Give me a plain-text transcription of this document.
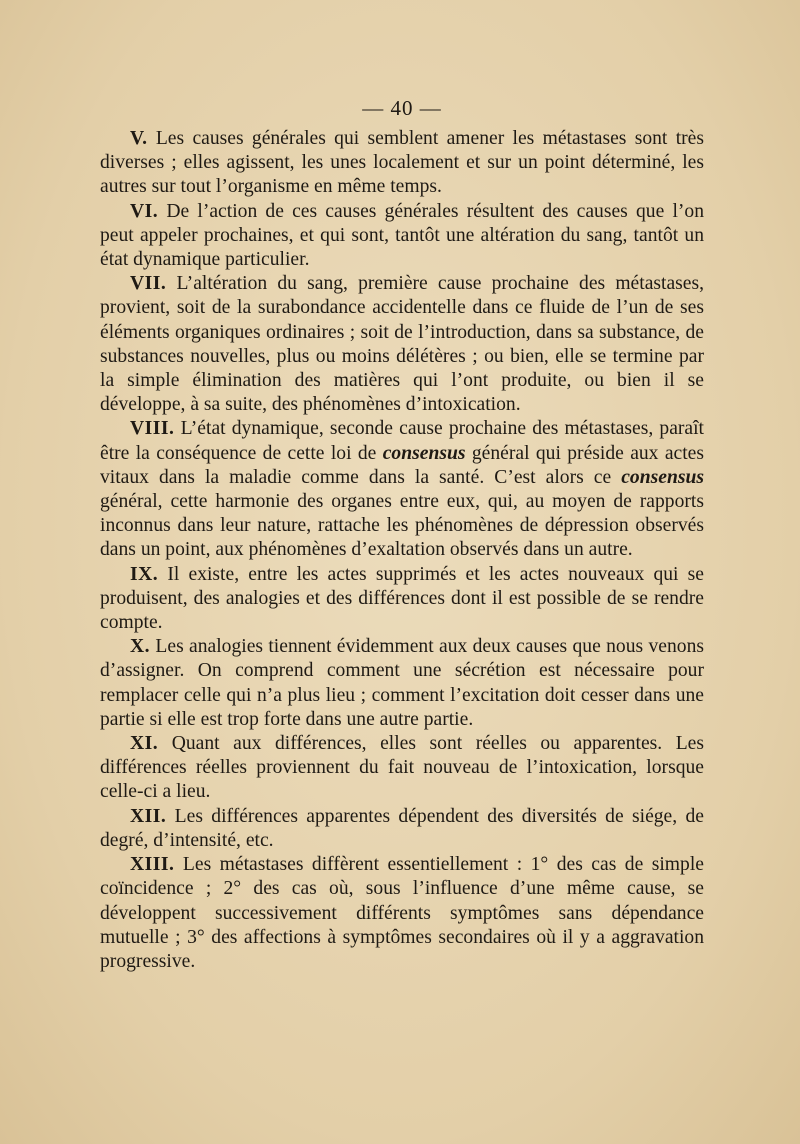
— 40 —

V. Les causes générales qui semblent amener les métastases sont très diverses ; elles agissent, les unes localement et sur un point déterminé, les autres sur tout l’organisme en même temps.

VI. De l’action de ces causes générales résultent des causes que l’on peut appeler prochaines, et qui sont, tantôt une altération du sang, tantôt un état dynamique particulier.

VII. L’altération du sang, première cause prochaine des métastases, provient, soit de la surabondance accidentelle dans ce fluide de l’un de ses éléments organiques ordinaires ; soit de l’introduction, dans sa substance, de substances nouvelles, plus ou moins délétères ; ou bien, elle se termine par la simple élimination des matières qui l’ont produite, ou bien il se développe, à sa suite, des phénomènes d’intoxication.

VIII. L’état dynamique, seconde cause prochaine des métastases, paraît être la conséquence de cette loi de consensus général qui préside aux actes vitaux dans la maladie comme dans la santé. C’est alors ce consensus général, cette harmonie des organes entre eux, qui, au moyen de rapports inconnus dans leur nature, rattache les phénomènes de dépression observés dans un point, aux phénomènes d’exaltation observés dans un autre.

IX. Il existe, entre les actes supprimés et les actes nouveaux qui se produisent, des analogies et des différences dont il est possible de se rendre compte.

X. Les analogies tiennent évidemment aux deux causes que nous venons d’assigner. On comprend comment une sécrétion est nécessaire pour remplacer celle qui n’a plus lieu ; comment l’excitation doit cesser dans une partie si elle est trop forte dans une autre partie.

XI. Quant aux différences, elles sont réelles ou apparentes. Les différences réelles proviennent du fait nouveau de l’intoxication, lorsque celle-ci a lieu.

XII. Les différences apparentes dépendent des diversités de siége, de degré, d’intensité, etc.

XIII. Les métastases diffèrent essentiellement : 1° des cas de simple coïncidence ; 2° des cas où, sous l’influence d’une même cause, se développent successivement différents symptômes sans dépendance mutuelle ; 3° des affections à symptômes secondaires où il y a aggravation progressive.
